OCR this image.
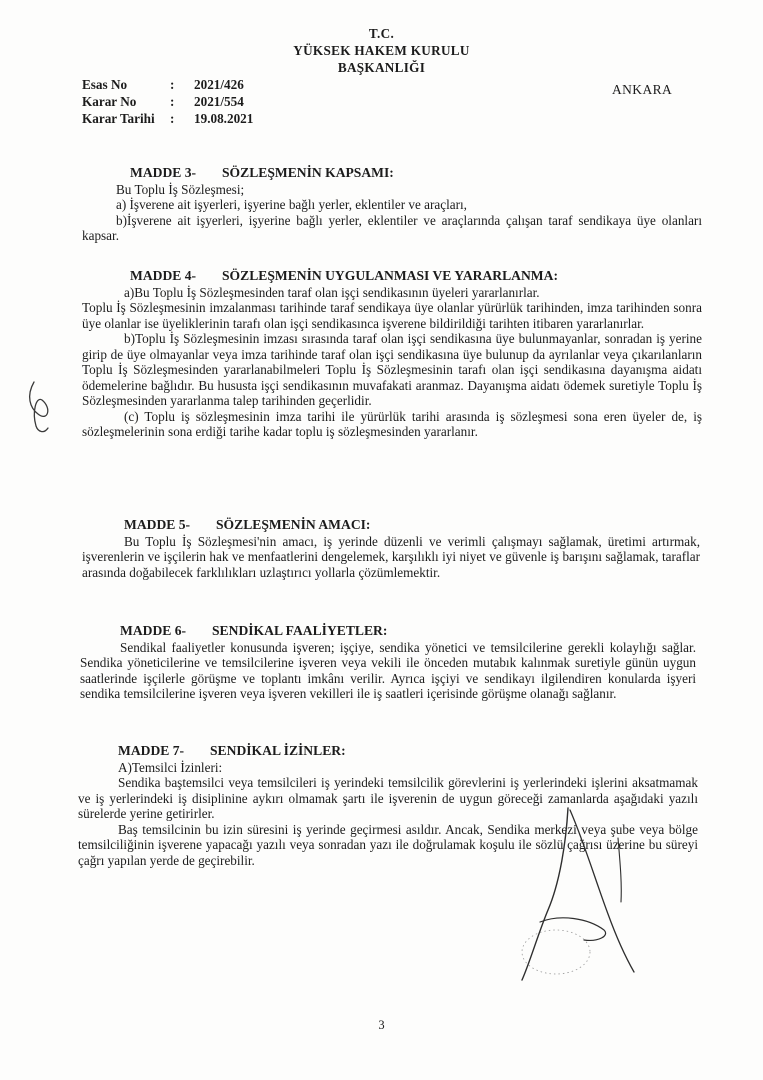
T.C.
YÜKSEK HAKEM KURULU
BAŞKANLIĞI
Esas No	:	2021/426
Karar No	:	2021/554
Karar Tarihi	:	19.08.2021
ANKARA
MADDE 3- SÖZLEŞMENİN KAPSAMI:

Bu Toplu İş Sözleşmesi;

a) İşverene ait işyerleri, işyerine bağlı yerler, eklentiler ve araçları,

b)İşverene ait işyerleri, işyerine bağlı yerler, eklentiler ve araçlarında çalışan taraf sendikaya üye olanları kapsar.

MADDE 4- SÖZLEŞMENİN UYGULANMASI VE YARARLANMA:

a)Bu Toplu İş Sözleşmesinden taraf olan işçi sendikasının üyeleri yararlanırlar.

Toplu İş Sözleşmesinin imzalanması tarihinde taraf sendikaya üye olanlar yürürlük tarihinden, imza tarihinden sonra üye olanlar ise üyeliklerinin tarafı olan işçi sendikasınca işverene bildirildiği tarihten itibaren yararlanırlar.

b)Toplu İş Sözleşmesinin imzası sırasında taraf olan işçi sendikasına üye bulunmayanlar, sonradan iş yerine girip de üye olmayanlar veya imza tarihinde taraf olan işçi sendikasına üye bulunup da ayrılanlar veya çıkarılanların Toplu İş Sözleşmesinden yararlanabilmeleri Toplu İş Sözleşmesinin tarafı olan işçi sendikasına dayanışma aidatı ödemelerine bağlıdır. Bu hususta işçi sendikasının muvafakati aranmaz. Dayanışma aidatı ödemek suretiyle Toplu İş Sözleşmesinden yararlanma talep tarihinden geçerlidir.

(c) Toplu iş sözleşmesinin imza tarihi ile yürürlük tarihi arasında iş sözleşmesi sona eren üyeler de, iş sözleşmelerinin sona erdiği tarihe kadar toplu iş sözleşmesinden yararlanır.

MADDE 5- SÖZLEŞMENİN AMACI:

Bu Toplu İş Sözleşmesi'nin amacı, iş yerinde düzenli ve verimli çalışmayı sağlamak, üretimi artırmak, işverenlerin ve işçilerin hak ve menfaatlerini dengelemek, karşılıklı iyi niyet ve güvenle iş barışını sağlamak, taraflar arasında doğabilecek farklılıkları uzlaştırıcı yollarla çözümlemektir.

MADDE 6- SENDİKAL FAALİYETLER:

Sendikal faaliyetler konusunda işveren; işçiye, sendika yönetici ve temsilcilerine gerekli kolaylığı sağlar. Sendika yöneticilerine ve temsilcilerine işveren veya vekili ile önceden mutabık kalınmak suretiyle günün uygun saatlerinde işçilerle görüşme ve toplantı imkânı verilir. Ayrıca işçiyi ve sendikayı ilgilendiren konularda işyeri sendika temsilcilerine işveren veya işveren vekilleri ile iş saatleri içerisinde görüşme olanağı sağlanır.

MADDE 7- SENDİKAL İZİNLER:

A)Temsilci İzinleri:

Sendika baştemsilci veya temsilcileri iş yerindeki temsilcilik görevlerini iş yerlerindeki işlerini aksatmamak ve iş yerlerindeki iş disiplinine aykırı olmamak şartı ile işverenin de uygun göreceği zamanlarda aşağıdaki yazılı sürelerde yerine getirirler.

Baş temsilcinin bu izin süresini iş yerinde geçirmesi asıldır. Ancak, Sendika merkezi veya şube veya bölge temsilciliğinin işverene yapacağı yazılı veya sonradan yazı ile doğrulamak koşulu ile sözlü çağrısı üzerine bu süreyi çağrı yapılan yerde de geçirebilir.

3
